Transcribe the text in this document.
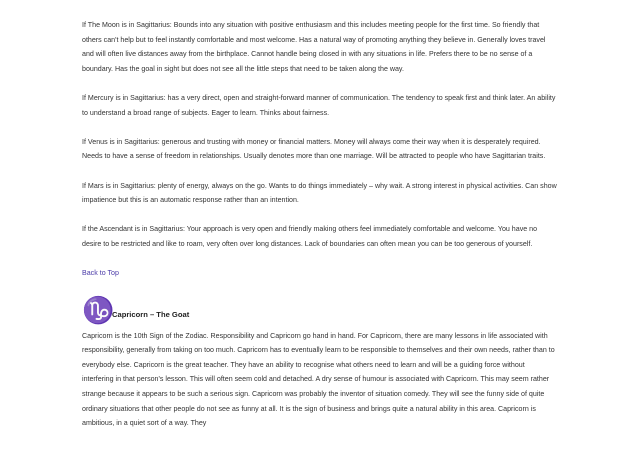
If The Moon is in Sagittarius: Bounds into any situation with positive enthusiasm and this includes meeting people for the first time. So friendly that others can't help but to feel instantly comfortable and most welcome. Has a natural way of promoting anything they believe in. Generally loves travel and will often live distances away from the birthplace. Cannot handle being closed in with any situations in life. Prefers there to be no sense of a boundary. Has the goal in sight but does not see all the little steps that need to be taken along the way.

If Mercury is in Sagittarius: has a very direct, open and straight-forward manner of communication. The tendency to speak first and think later. An ability to understand a broad range of subjects. Eager to learn. Thinks about fairness.

If Venus is in Sagittarius: generous and trusting with money or financial matters. Money will always come their way when it is desperately required. Needs to have a sense of freedom in relationships. Usually denotes more than one marriage. Will be attracted to people who have Sagittarian traits.

If Mars is in Sagittarius: plenty of energy, always on the go. Wants to do things immediately – why wait. A strong interest in physical activities. Can show impatience but this is an automatic response rather than an intention.

If the Ascendant is in Sagittarius: Your approach is very open and friendly making others feel immediately comfortable and welcome. You have no desire to be restricted and like to roam, very often over long distances. Lack of boundaries can often mean you can be too generous of yourself.

Back to Top
♑
Capricorn – The Goat

Capricorn is the 10th Sign of the Zodiac. Responsibility and Capricorn go hand in hand. For Capricorn, there are many lessons in life associated with responsibility, generally from taking on too much. Capricorn has to eventually learn to be responsible to themselves and their own needs, rather than to everybody else. Capricorn is the great teacher. They have an ability to recognise what others need to learn and will be a guiding force without interfering in that person's lesson. This will often seem cold and detached. A dry sense of humour is associated with Capricorn. This may seem rather strange because it appears to be such a serious sign. Capricorn was probably the inventor of situation comedy. They will see the funny side of quite ordinary situations that other people do not see as funny at all. It is the sign of business and brings quite a natural ability in this area. Capricorn is ambitious, in a quiet sort of a way. They
